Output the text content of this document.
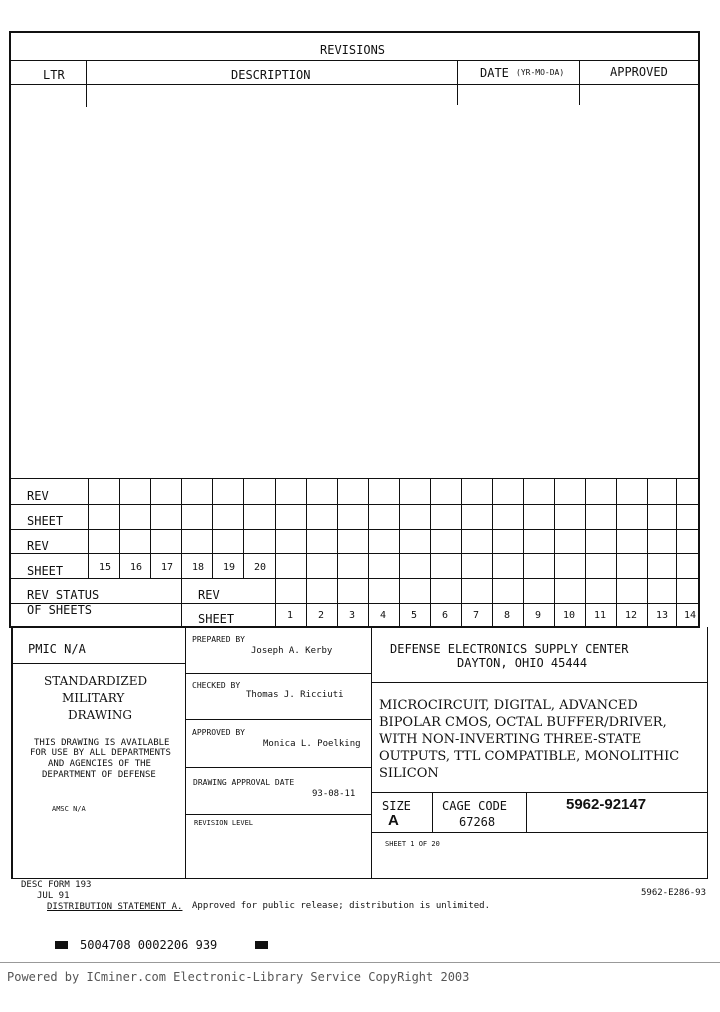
REVISIONS
LTR	DESCRIPTION	DATE (YR-MO-DA)	APPROVED
REV
SHEET
REV
SHEET	15 16 17 18 19 20
REV STATUS
OF SHEETS
REV
SHEET	1 2 3 4 5 6 7 8 9 10 11 12 13 14
PMIC N/A
STANDARDIZED
MILITARY
DRAWING
THIS DRAWING IS AVAILABLE
FOR USE BY ALL DEPARTMENTS
AND AGENCIES OF THE
DEPARTMENT OF DEFENSE
AMSC N/A
PREPARED BY
Joseph A. Kerby
CHECKED BY
Thomas J. Ricciuti
APPROVED BY
Monica L. Poelking
DRAWING APPROVAL DATE
93-08-11
REVISION LEVEL
DEFENSE ELECTRONICS SUPPLY CENTER
DAYTON, OHIO 45444
MICROCIRCUIT, DIGITAL, ADVANCED
BIPOLAR CMOS, OCTAL BUFFER/DRIVER,
WITH NON-INVERTING THREE-STATE
OUTPUTS, TTL COMPATIBLE, MONOLITHIC
SILICON
SIZE
A
CAGE CODE
67268
5962-92147
SHEET 1 OF 20
DESC FORM 193
JUL 91
DISTRIBUTION STATEMENT A. Approved for public release; distribution is unlimited.
5962-E286-93
5004708 0002206 939
Powered by ICminer.com Electronic-Library Service CopyRight 2003
